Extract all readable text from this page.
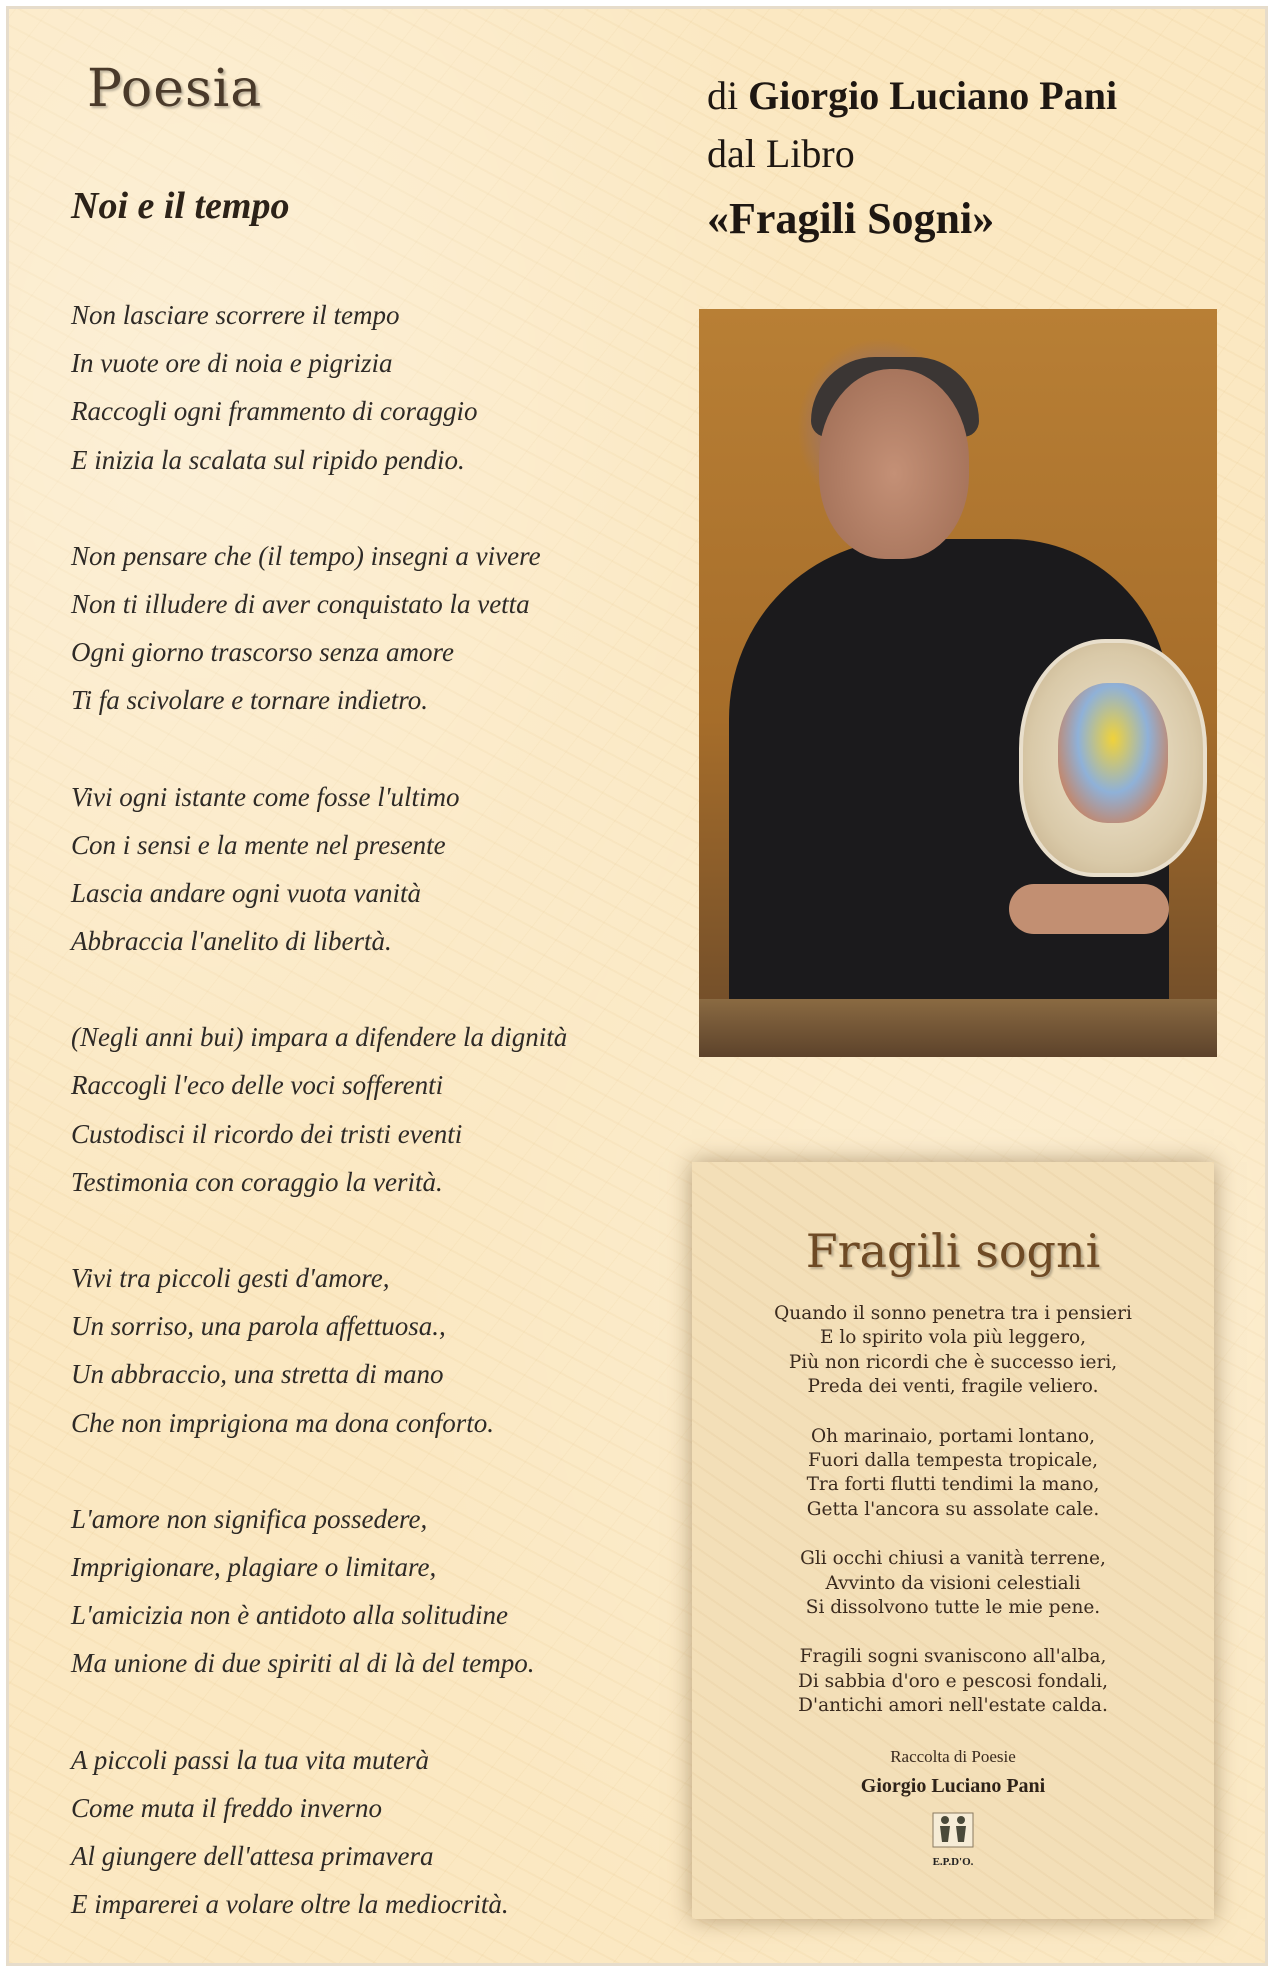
Poesia
Noi e il tempo
di Giorgio Luciano Pani
dal Libro
«Fragili Sogni»
Non lasciare scorrere il tempo
In vuote ore di noia e pigrizia
Raccogli ogni frammento di coraggio
E inizia la scalata sul ripido pendio.
Non pensare che (il tempo) insegni a vivere
Non ti illudere di aver conquistato la vetta
Ogni giorno trascorso senza amore
Ti fa scivolare e tornare indietro.
Vivi ogni istante come fosse l'ultimo
Con i sensi e la mente nel presente
Lascia andare ogni vuota vanità
Abbraccia l'anelito di libertà.
(Negli anni bui) impara a difendere la dignità
Raccogli l'eco delle voci sofferenti
Custodisci il ricordo dei tristi eventi
Testimonia con coraggio la verità.
Vivi tra piccoli gesti d'amore,
Un sorriso, una parola affettuosa.,
Un abbraccio, una stretta di mano
Che non imprigiona ma dona conforto.
L'amore non significa possedere,
Imprigionare, plagiare o limitare,
L'amicizia non è antidoto alla solitudine
Ma unione di due spiriti al di là del tempo.
A piccoli passi la tua vita muterà
Come muta il freddo inverno
Al giungere dell'attesa primavera
E imparerei a volare oltre la mediocrità.
Fragili sogni
Quando il sonno penetra tra i pensieri
E lo spirito vola più leggero,
Più non ricordi che è successo ieri,
Preda dei venti, fragile veliero.
Oh marinaio, portami lontano,
Fuori dalla tempesta tropicale,
Tra forti flutti tendimi la mano,
Getta l'ancora su assolate cale.
Gli occhi chiusi a vanità terrene,
Avvinto da visioni celestiali
Si dissolvono tutte le mie pene.
Fragili sogni svaniscono all'alba,
Di sabbia d'oro e pescosi fondali,
D'antichi amori nell'estate calda.
Raccolta di Poesie
Giorgio Luciano Pani
E.P.D'O.
